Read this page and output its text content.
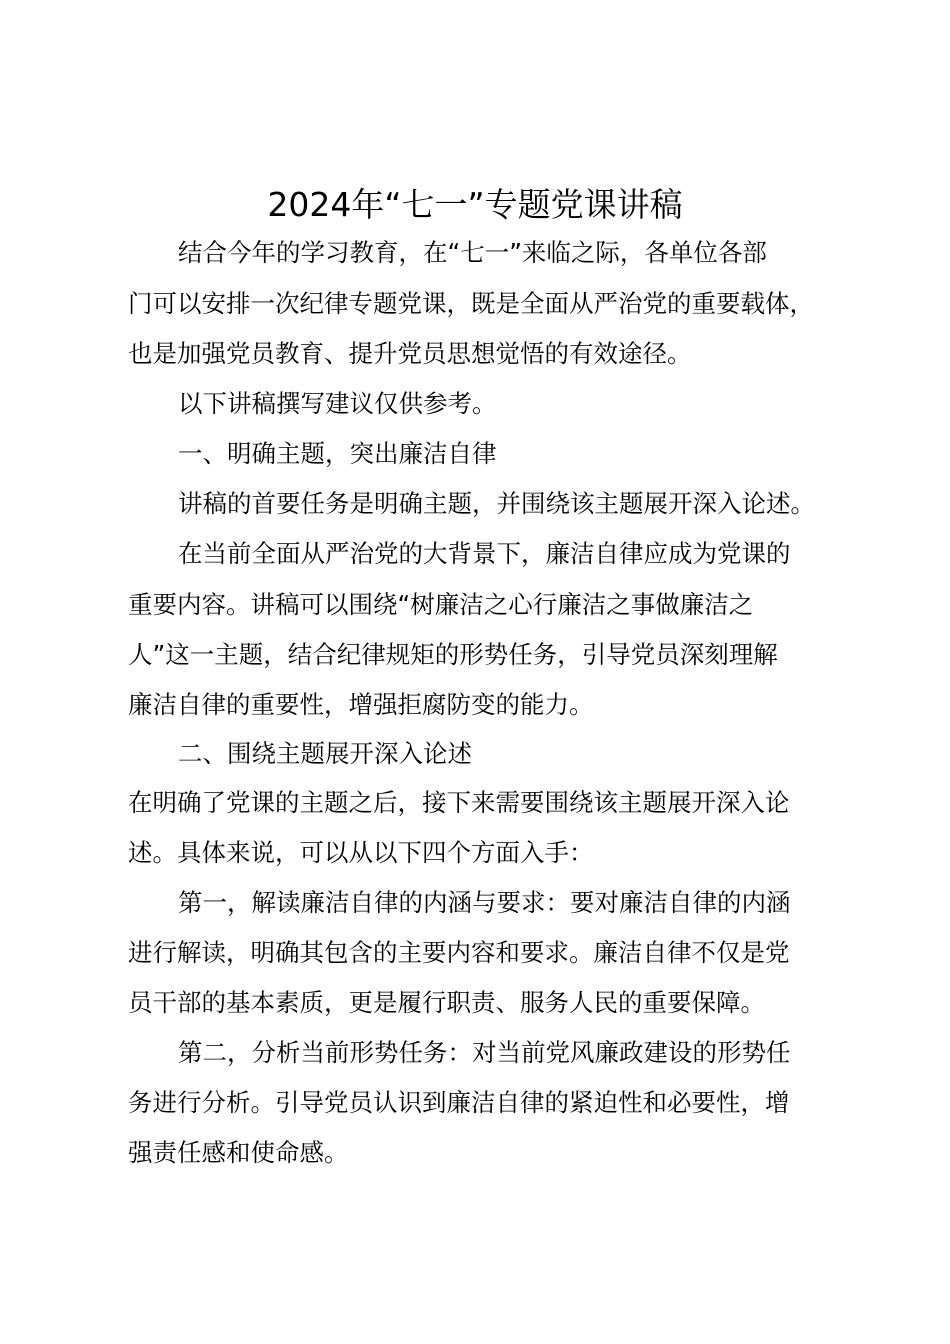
2024年“七一”专题党课讲稿
结合今年的学习教育，在“七一”来临之际，各单位各部
门可以安排一次纪律专题党课，既是全面从严治党的重要载体，
也是加强党员教育、提升党员思想觉悟的有效途径。
以下讲稿撰写建议仅供参考。
一、明确主题，突出廉洁自律
讲稿的首要任务是明确主题，并围绕该主题展开深入论述。
在当前全面从严治党的大背景下，廉洁自律应成为党课的
重要内容。讲稿可以围绕“树廉洁之心行廉洁之事做廉洁之
人”这一主题，结合纪律规矩的形势任务，引导党员深刻理解
廉洁自律的重要性，增强拒腐防变的能力。
二、围绕主题展开深入论述
在明确了党课的主题之后，接下来需要围绕该主题展开深入论
述。具体来说，可以从以下四个方面入手：
第一，解读廉洁自律的内涵与要求：要对廉洁自律的内涵
进行解读，明确其包含的主要内容和要求。廉洁自律不仅是党
员干部的基本素质，更是履行职责、服务人民的重要保障。
第二，分析当前形势任务：对当前党风廉政建设的形势任
务进行分析。引导党员认识到廉洁自律的紧迫性和必要性，增
强责任感和使命感。
